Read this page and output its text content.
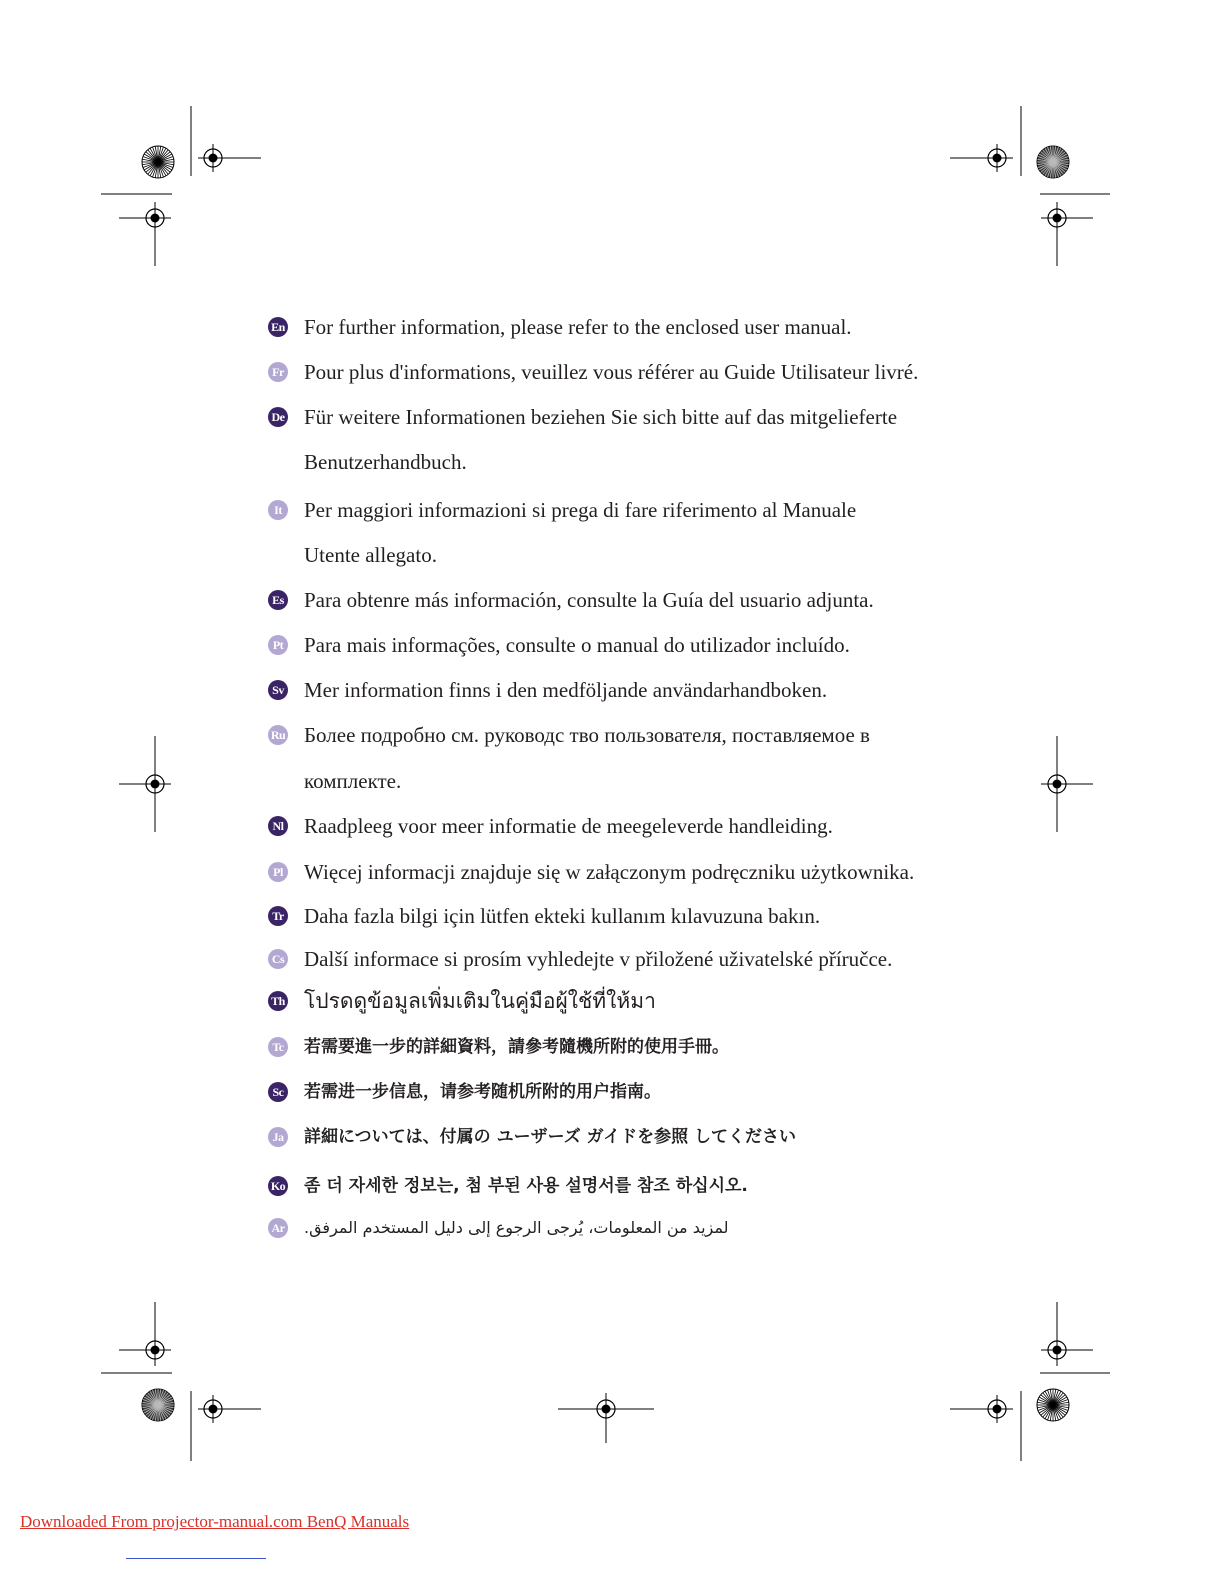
En For further information, please refer to the enclosed user manual.
Fr Pour plus d'informations, veuillez vous référer au Guide Utilisateur livré.
De Für weitere Informationen beziehen Sie sich bitte auf das mitgelieferte
Benutzerhandbuch.
It Per maggiori informazioni si prega di fare riferimento al Manuale
Utente allegato.
Es Para obtenre más información, consulte la Guía del usuario adjunta.
Pt Para mais informações, consulte o manual do utilizador incluído.
Sv Mer information finns i den medföljande användarhandboken.
Ru Более подробно см. руководс тво пользователя, поставляемое в
комплекте.
Nl Raadpleeg voor meer informatie de meegeleverde handleiding.
Pl Więcej informacji znajduje się w załączonym podręczniku użytkownika.
Tr Daha fazla bilgi için lütfen ekteki kullanım kılavuzuna bakın.
Cs Další informace si prosím vyhledejte v přiložené uživatelské příručce.
Th โปรดดูข้อมูลเพิ่มเติมในคู่มือผู้ใช้ที่ให้มา
Tc 若需要進一步的詳細資料，請參考隨機所附的使用手冊。
Sc 若需进一步信息，请参考随机所附的用户指南。
Ja 詳細については、付属の ユーザーズ ガイドを参照 してください
Ko 좀 더 자세한 정보는, 첨 부된 사용 설명서를 참조 하십시오.
Ar لمزيد من المعلومات، يُرجى الرجوع إلى دليل المستخدم المرفق.
Downloaded From projector-manual.com BenQ Manuals
